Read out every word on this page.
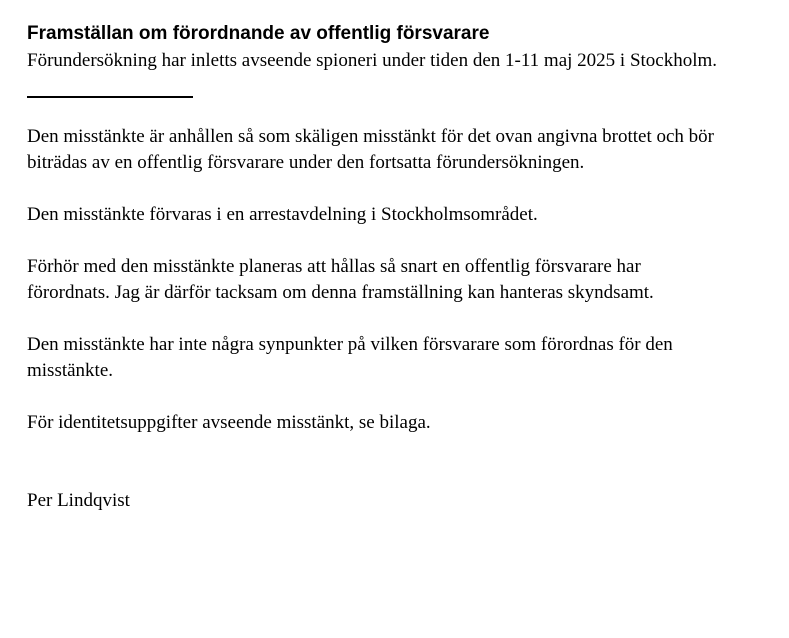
Framställan om förordnande av offentlig försvarare

Förundersökning har inletts avseende spioneri under tiden den 1-11 maj 2025 i Stockholm.

Den misstänkte är anhållen så som skäligen misstänkt för det ovan angivna brottet och bör biträdas av en offentlig försvarare under den fortsatta förundersökningen.

Den misstänkte förvaras i en arrestavdelning i Stockholmsområdet.

Förhör med den misstänkte planeras att hållas så snart en offentlig försvarare har förordnats. Jag är därför tacksam om denna framställning kan hanteras skyndsamt.

Den misstänkte har inte några synpunkter på vilken försvarare som förordnas för den misstänkte.

För identitetsuppgifter avseende misstänkt, se bilaga.

Per Lindqvist
